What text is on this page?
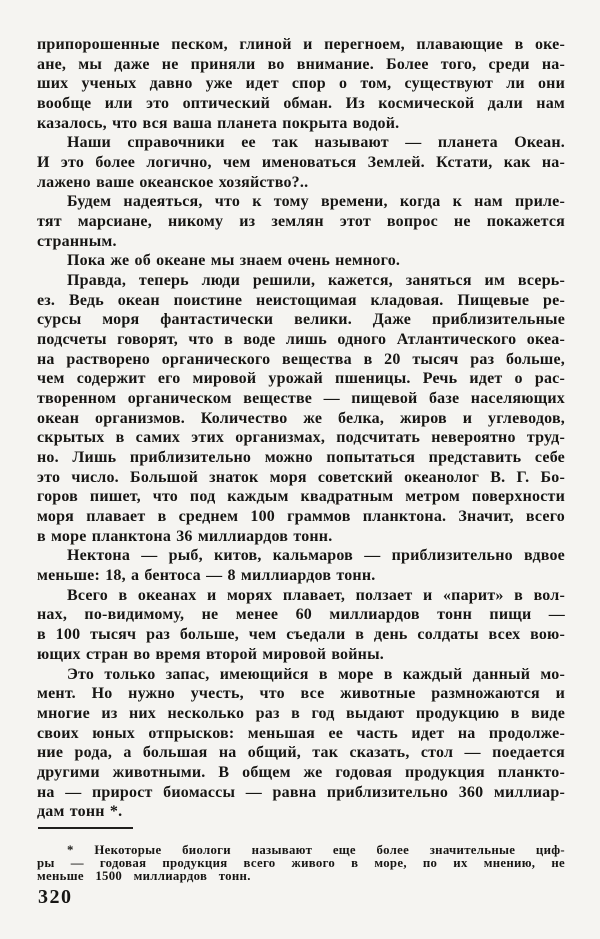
припорошенные песком, глиной и перегноем, плавающие в оке-
ане, мы даже не приняли во внимание. Более того, среди на-
ших ученых давно уже идет спор о том, существуют ли они
вообще или это оптический обман. Из космической дали нам
казалось, что вся ваша планета покрыта водой.
Наши справочники ее так называют — планета Океан.
И это более логично, чем именоваться Землей. Кстати, как на-
лажено ваше океанское хозяйство?..
Будем надеяться, что к тому времени, когда к нам приле-
тят марсиане, никому из землян этот вопрос не покажется
странным.
Пока же об океане мы знаем очень немного.
Правда, теперь люди решили, кажется, заняться им всерь-
ез. Ведь океан поистине неистощимая кладовая. Пищевые ре-
сурсы моря фантастически велики. Даже приблизительные
подсчеты говорят, что в воде лишь одного Атлантического океа-
на растворено органического вещества в 20 тысяч раз больше,
чем содержит его мировой урожай пшеницы. Речь идет о рас-
творенном органическом веществе — пищевой базе населяющих
океан организмов. Количество же белка, жиров и углеводов,
скрытых в самих этих организмах, подсчитать невероятно труд-
но. Лишь приблизительно можно попытаться представить себе
это число. Большой знаток моря советский океанолог В. Г. Бо-
горов пишет, что под каждым квадратным метром поверхности
моря плавает в среднем 100 граммов планктона. Значит, всего
в море планктона 36 миллиардов тонн.
Нектона — рыб, китов, кальмаров — приблизительно вдвое
меньше: 18, а бентоса — 8 миллиардов тонн.
Всего в океанах и морях плавает, ползает и «парит» в вол-
нах, по-видимому, не менее 60 миллиардов тонн пищи —
в 100 тысяч раз больше, чем съедали в день солдаты всех вою-
ющих стран во время второй мировой войны.
Это только запас, имеющийся в море в каждый данный мо-
мент. Но нужно учесть, что все животные размножаются и
многие из них несколько раз в год выдают продукцию в виде
своих юных отпрысков: меньшая ее часть идет на продолже-
ние рода, а большая на общий, так сказать, стол — поедается
другими животными. В общем же годовая продукция планкто-
на — прирост биомассы — равна приблизительно 360 миллиар-
дам тонн *.
* Некоторые биологи называют еще более значительные циф-
ры — годовая продукция всего живого в море, по их мнению, не
меньше 1500 миллиардов тонн.
320
